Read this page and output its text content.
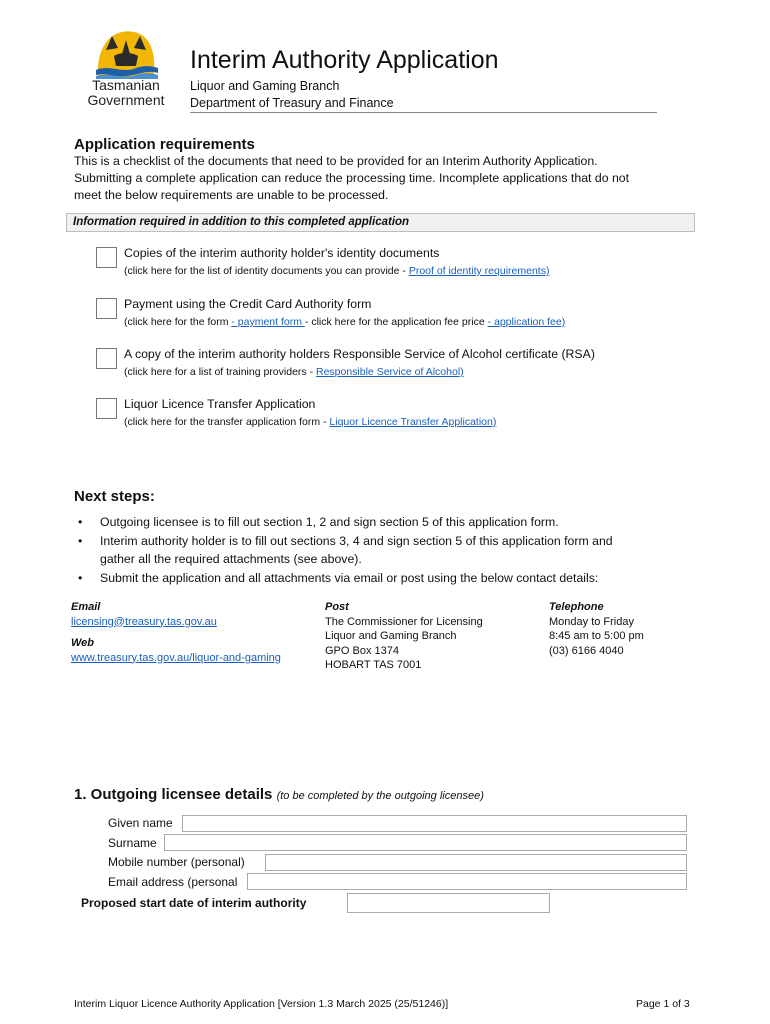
Tasmanian
Government
Interim Authority Application
Liquor and Gaming Branch
Department of Treasury and Finance
Application requirements
This is a checklist of the documents that need to be provided for an Interim Authority Application.
Submitting a complete application can reduce the processing time. Incomplete applications that do not
meet the below requirements are unable to be processed.
Information required in addition to this completed application
Copies of the interim authority holder's identity documents
(click here for the list of identity documents you can provide - Proof of identity requirements)
Payment using the Credit Card Authority form
(click here for the form - payment form - click here for the application fee price - application fee)
A copy of the interim authority holders Responsible Service of Alcohol certificate (RSA)
(click here for a list of training providers - Responsible Service of Alcohol)
Liquor Licence Transfer Application
(click here for the transfer application form - Liquor Licence Transfer Application)
Next steps:
• Outgoing licensee is to fill out section 1, 2 and sign section 5 of this application form.
• Interim authority holder is to fill out sections 3, 4 and sign section 5 of this application form and
gather all the required attachments (see above).
• Submit the application and all attachments via email or post using the below contact details:
Email
licensing@treasury.tas.gov.au
Web
www.treasury.tas.gov.au/liquor-and-gaming
Post
The Commissioner for Licensing
Liquor and Gaming Branch
GPO Box 1374
HOBART TAS 7001
Telephone
Monday to Friday
8:45 am to 5:00 pm
(03) 6166 4040
1. Outgoing licensee details (to be completed by the outgoing licensee)
Given name
Surname
Mobile number (personal)
Email address (personal
Proposed start date of interim authority
Interim Liquor Licence Authority Application [Version 1.3 March 2025 (25/51246)]	Page 1 of 3
